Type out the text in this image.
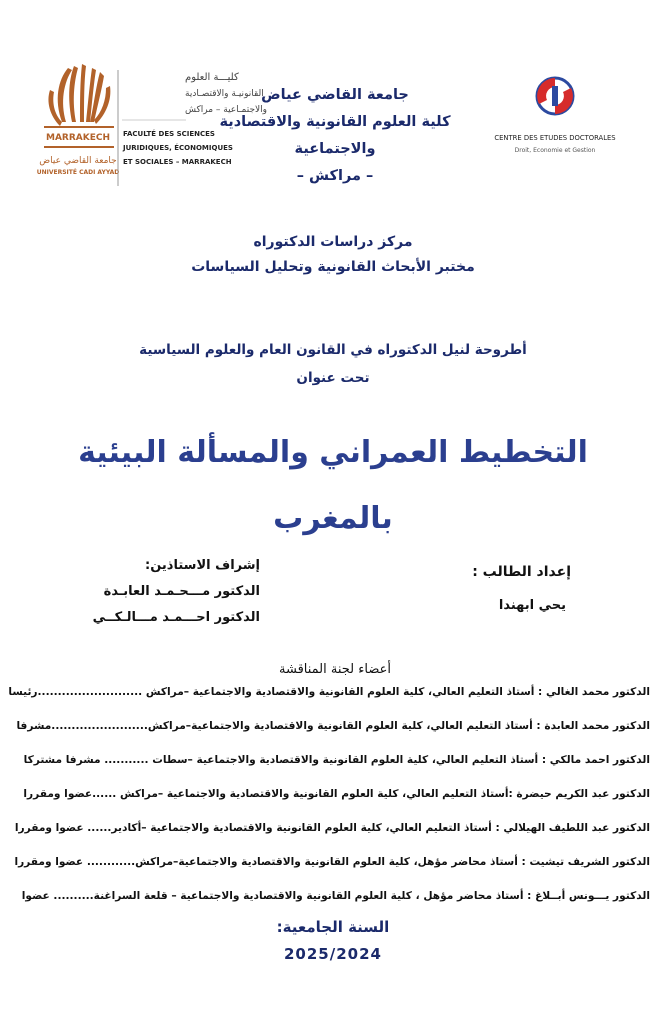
MARRAKECH
جامعة القاضي عياض
UNIVERSITÉ CADI AYYAD
كليـــة العلوم
القانونيـة والاقتصـادية
والاجتمـاعية – مراكش
FACULTÉ DES SCIENCES
JURIDIQUES, ÉCONOMIQUES
ET SOCIALES – MARRAKECH
CENTRE DES ETUDES DOCTORALES
Droit, Economie et Gestion
جامعة القاضي عياض
كلية العلوم القانونية والاقتصادية
والاجتماعية
– مراكش –
مركز دراسات الدكتوراه
مختبر الأبحاث القانونية وتحليل السياسات
أطروحة لنيل الدكتوراه في القانون العام والعلوم السياسية
تحت عنوان
التخطيط العمراني والمسألة البيئية
بالمغرب
إعداد الطالب :
يحي ابهندا
إشراف الاستاذين:
الدكتور مـــحـمـد العابـدة
الدكتور احـــمـد مـــالـكــي
أعضاء لجنة المناقشة
الدكتور محمد الغالي : أستاذ التعليم العالي، كلية العلوم القانونية والاقتصادية والاجتماعية –مراكش ..........................رئيسا
الدكتور محمد العابدة : أستاذ التعليم العالي، كلية العلوم القانونية والاقتصادية والاجتماعية–مراكش........................مشرفا
الدكتور احمد مالكي : أستاذ التعليم العالي، كلية العلوم القانونية والاقتصادية والاجتماعية –سطات ........... مشرفا مشتركا
الدكتور عبد الكريم حيضرة :أستاذ التعليم العالي، كلية العلوم القانونية والاقتصادية والاجتماعية –مراكش ......عضوا ومقررا
الدكتور عبد اللطيف الهيلالي : أستاذ التعليم العالي، كلية العلوم القانونية والاقتصادية والاجتماعية –أكادير...... عضوا ومقررا
الدكتور الشريف تيشيت : أستاذ محاضر مؤهل، كلية العلوم القانونية والاقتصادية والاجتماعية–مراكش............ عضوا ومقررا
الدكتور يـــونس أبــلاغ : أستاذ محاضر مؤهل ، كلية العلوم القانونية والاقتصادية والاجتماعية – قلعة السراغنة.......... عضوا
السنة الجامعية:
2025/2024
